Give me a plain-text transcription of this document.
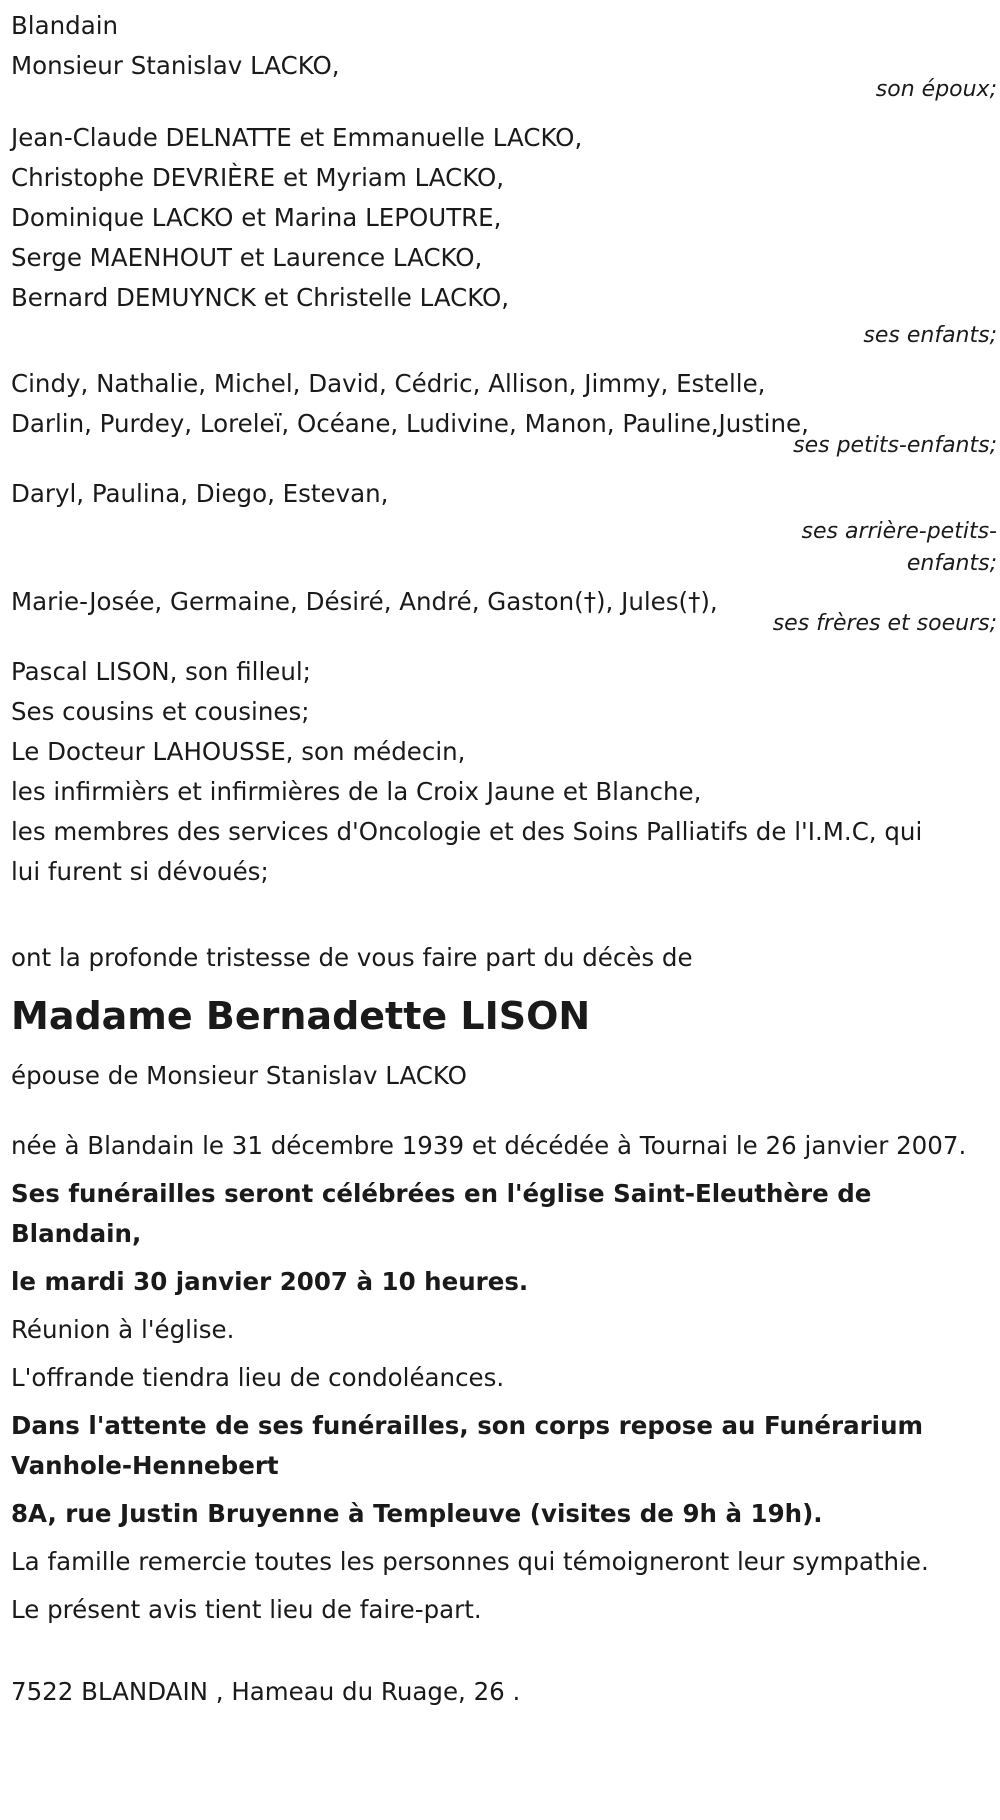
Blandain
Monsieur Stanislav LACKO,
son époux;
Jean-Claude DELNATTE et Emmanuelle LACKO,
Christophe DEVRIÈRE et Myriam LACKO,
Dominique LACKO et Marina LEPOUTRE,
Serge MAENHOUT et Laurence LACKO,
Bernard DEMUYNCK et Christelle LACKO,
ses enfants;
Cindy, Nathalie, Michel, David, Cédric, Allison, Jimmy, Estelle,
Darlin, Purdey, Loreleï, Océane, Ludivine, Manon, Pauline,Justine,
ses petits-enfants;
Daryl, Paulina, Diego, Estevan,
ses arrière-petits-
enfants;
Marie-Josée, Germaine, Désiré, André, Gaston(†), Jules(†),
ses frères et soeurs;
Pascal LISON, son filleul;
Ses cousins et cousines;
Le Docteur LAHOUSSE, son médecin,
les infirmièrs et infirmières de la Croix Jaune et Blanche,
les membres des services d'Oncologie et des Soins Palliatifs de l'I.M.C, qui
lui furent si dévoués;
ont la profonde tristesse de vous faire part du décès de
Madame Bernadette LISON
épouse de Monsieur Stanislav LACKO
née à Blandain le 31 décembre 1939 et décédée à Tournai le 26 janvier 2007.
Ses funérailles seront célébrées en l'église Saint-Eleuthère de Blandain,
le mardi 30 janvier 2007 à 10 heures.
Réunion à l'église.
L'offrande tiendra lieu de condoléances.
Dans l'attente de ses funérailles, son corps repose au Funérarium Vanhole-Hennebert
8A, rue Justin Bruyenne à Templeuve (visites de 9h à 19h).
La famille remercie toutes les personnes qui témoigneront leur sympathie.
Le présent avis tient lieu de faire-part.
7522 BLANDAIN , Hameau du Ruage, 26 .
